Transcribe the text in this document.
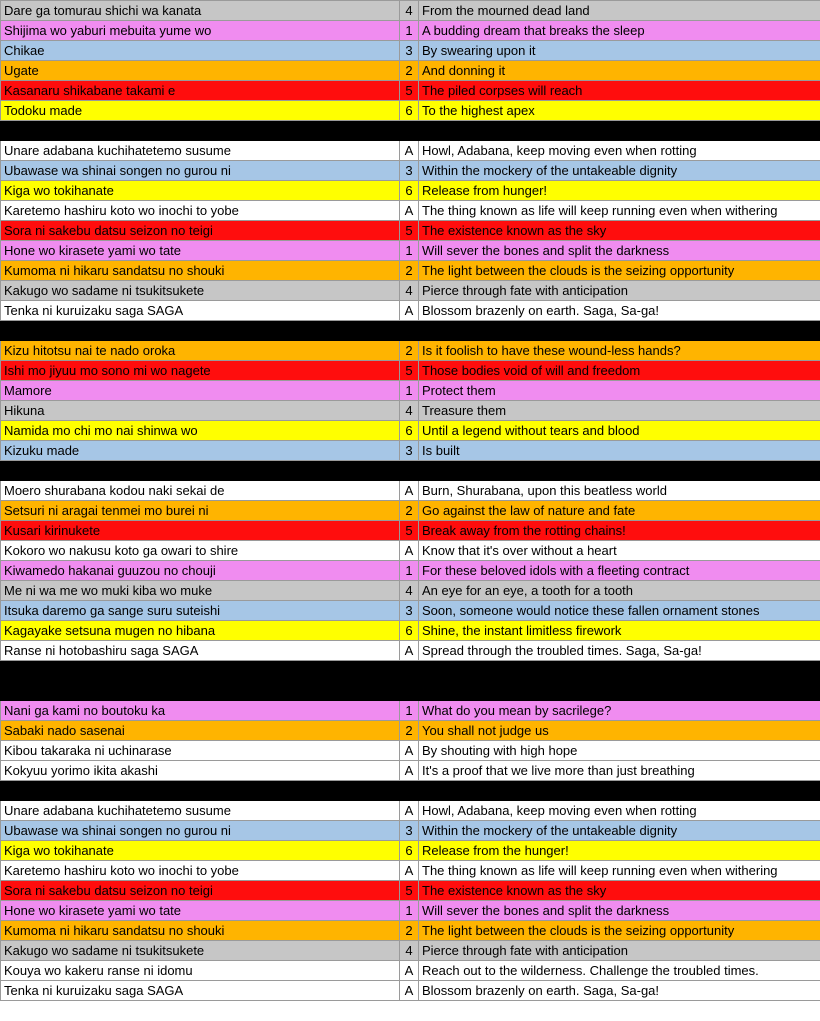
Dare ga tomurau shichi wa kanata	4	From the mourned dead land
Shijima wo yaburi mebuita yume wo	1	A budding dream that breaks the sleep
Chikae	3	By swearing upon it
Ugate	2	And donning it
Kasanaru shikabane takami e	5	The piled corpses will reach
Todoku made	6	To the highest apex

Unare adabana kuchihatetemo susume	A	Howl, Adabana, keep moving even when rotting
Ubawase wa shinai songen no gurou ni	3	Within the mockery of the untakeable dignity
Kiga wo tokihanate	6	Release from hunger!
Karetemo hashiru koto wo inochi to yobe	A	The thing known as life will keep running even when withering
Sora ni sakebu datsu seizon no teigi	5	The existence known as the sky
Hone wo kirasete yami wo tate	1	Will sever the bones and split the darkness
Kumoma ni hikaru sandatsu no shouki	2	The light between the clouds is the seizing opportunity
Kakugo wo sadame ni tsukitsukete	4	Pierce through fate with anticipation
Tenka ni kuruizaku saga SAGA	A	Blossom brazenly on earth. Saga, Sa-ga!

Kizu hitotsu nai te nado oroka	2	Is it foolish to have these wound-less hands?
Ishi mo jiyuu mo sono mi wo nagete	5	Those bodies void of will and freedom
Mamore	1	Protect them
Hikuna	4	Treasure them
Namida mo chi mo nai shinwa wo	6	Until a legend without tears and blood
Kizuku made	3	Is built

Moero shurabana kodou naki sekai de	A	Burn, Shurabana, upon this beatless world
Setsuri ni aragai tenmei mo burei ni	2	Go against the law of nature and fate
Kusari kirinukete	5	Break away from the rotting chains!
Kokoro wo nakusu koto ga owari to shire	A	Know that it's over without a heart
Kiwamedo hakanai guuzou no chouji	1	For these beloved idols with a fleeting contract
Me ni wa me wo muki kiba wo muke	4	An eye for an eye, a tooth for a tooth
Itsuka daremo ga sange suru suteishi	3	Soon, someone would notice these fallen ornament stones
Kagayake setsuna mugen no hibana	6	Shine, the instant limitless firework
Ranse ni hotobashiru saga SAGA	A	Spread through the troubled times. Saga, Sa-ga!

Nani ga kami no boutoku ka	1	What do you mean by sacrilege?
Sabaki nado sasenai	2	You shall not judge us
Kibou takaraka ni uchinarase	A	By shouting with high hope
Kokyuu yorimo ikita akashi	A	It's a proof that we live more than just breathing

Unare adabana kuchihatetemo susume	A	Howl, Adabana, keep moving even when rotting
Ubawase wa shinai songen no gurou ni	3	Within the mockery of the untakeable dignity
Kiga wo tokihanate	6	Release from the hunger!
Karetemo hashiru koto wo inochi to yobe	A	The thing known as life will keep running even when withering
Sora ni sakebu datsu seizon no teigi	5	The existence known as the sky
Hone wo kirasete yami wo tate	1	Will sever the bones and split the darkness
Kumoma ni hikaru sandatsu no shouki	2	The light between the clouds is the seizing opportunity
Kakugo wo sadame ni tsukitsukete	4	Pierce through fate with anticipation
Kouya wo kakeru ranse ni idomu	A	Reach out to the wilderness. Challenge the troubled times.
Tenka ni kuruizaku saga SAGA	A	Blossom brazenly on earth. Saga, Sa-ga!
